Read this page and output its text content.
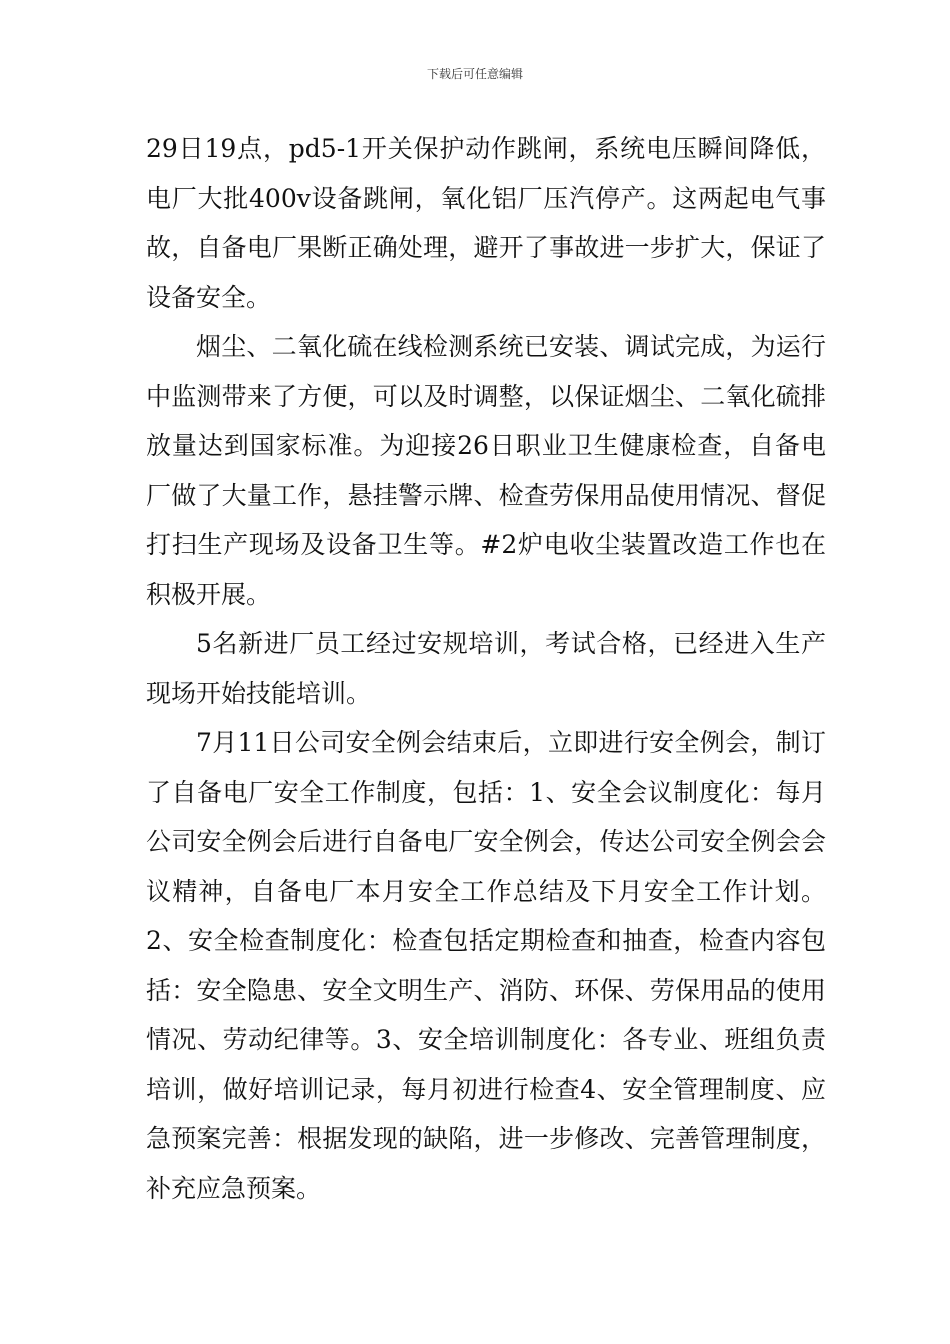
下载后可任意编辑

29日19点，pd5-1开关保护动作跳闸，系统电压瞬间降低，电厂大批400v设备跳闸，氧化铝厂压汽停产。这两起电气事故，自备电厂果断正确处理，避开了事故进一步扩大，保证了设备安全。

烟尘、二氧化硫在线检测系统已安装、调试完成，为运行中监测带来了方便，可以及时调整，以保证烟尘、二氧化硫排放量达到国家标准。为迎接26日职业卫生健康检查，自备电厂做了大量工作，悬挂警示牌、检查劳保用品使用情况、督促打扫生产现场及设备卫生等。#2炉电收尘装置改造工作也在积极开展。

5名新进厂员工经过安规培训，考试合格，已经进入生产现场开始技能培训。

7月11日公司安全例会结束后，立即进行安全例会，制订了自备电厂安全工作制度，包括：1、安全会议制度化：每月公司安全例会后进行自备电厂安全例会，传达公司安全例会会议精神，自备电厂本月安全工作总结及下月安全工作计划。2、安全检查制度化：检查包括定期检查和抽查，检查内容包括：安全隐患、安全文明生产、消防、环保、劳保用品的使用情况、劳动纪律等。3、安全培训制度化：各专业、班组负责培训，做好培训记录，每月初进行检查4、安全管理制度、应急预案完善：根据发现的缺陷，进一步修改、完善管理制度，补充应急预案。
